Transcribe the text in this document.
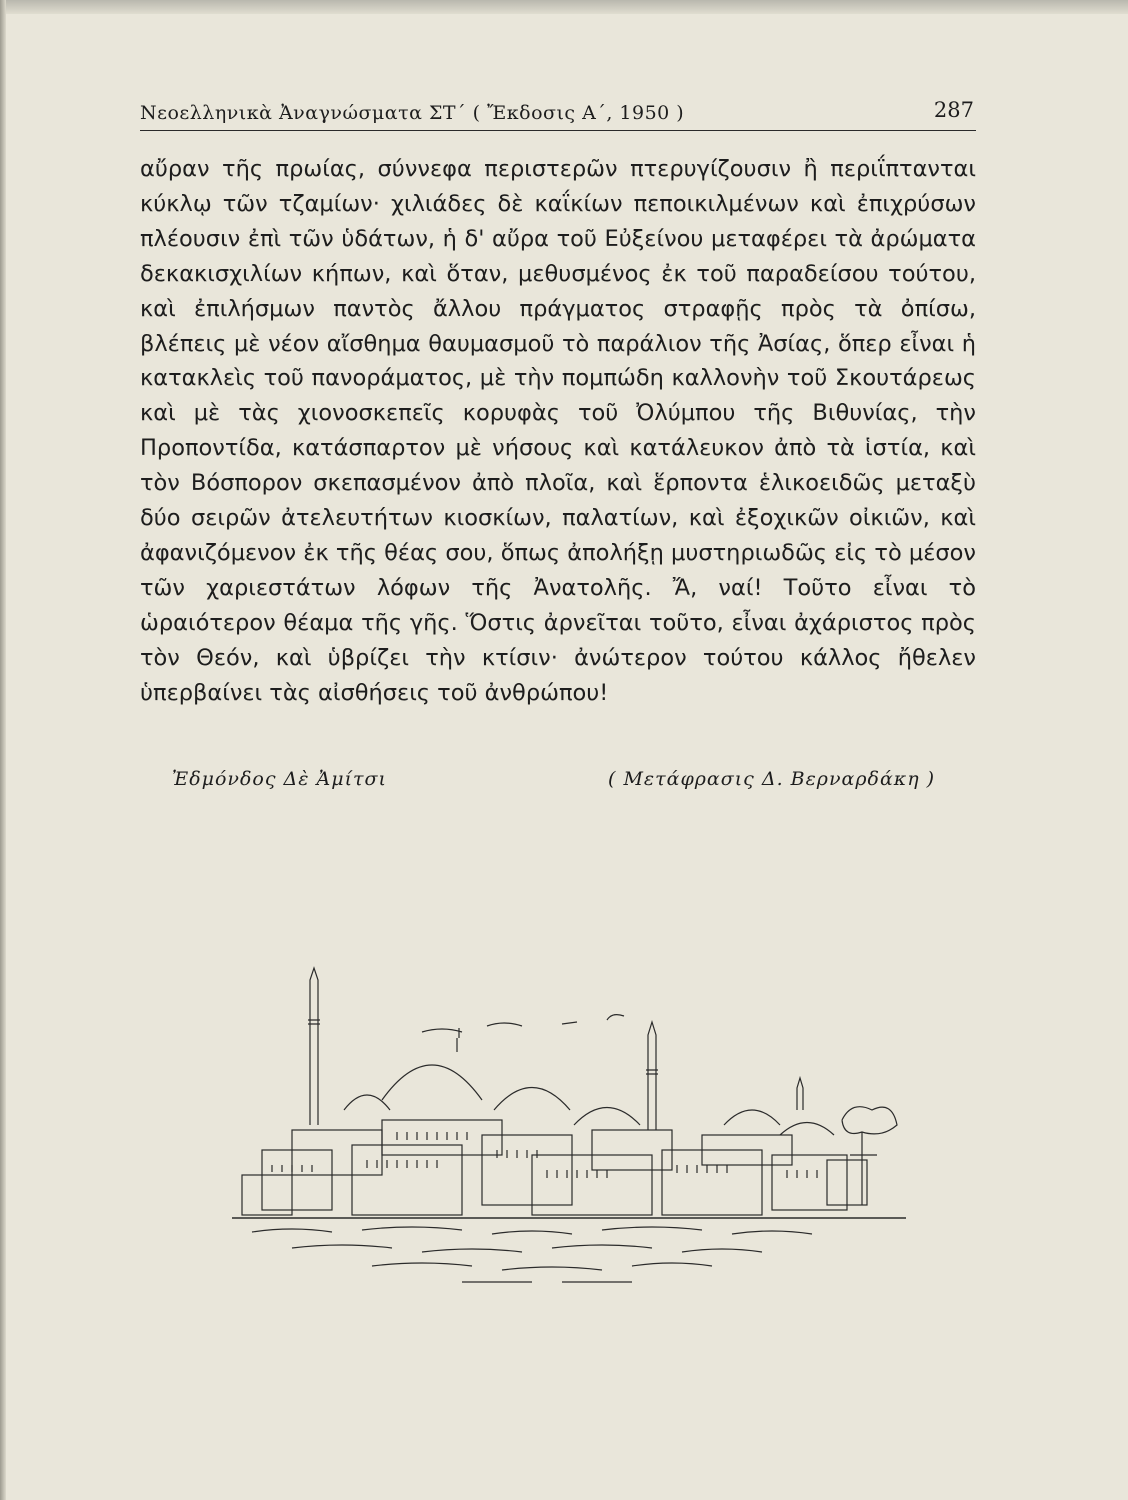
Νεοελληνικὰ Ἀναγνώσματα ΣΤ΄ ( Ἔκδοσις Α΄, 1950 )	287

αὔραν τῆς πρωίας, σύννεφα περιστερῶν πτερυγίζουσιν ἢ περιΐπτανται κύκλῳ τῶν τζαμίων· χιλιάδες δὲ καΐκίων πεποικιλμένων καὶ ἐπιχρύσων πλέουσιν ἐπὶ τῶν ὑδάτων, ἡ δ' αὔρα τοῦ Εὐξείνου μεταφέρει τὰ ἀρώματα δεκακισχιλίων κήπων, καὶ ὅταν, μεθυσμένος ἐκ τοῦ παραδείσου τούτου, καὶ ἐπιλήσμων παντὸς ἄλλου πράγματος στραφῇς πρὸς τὰ ὀπίσω, βλέπεις μὲ νέον αἴσθημα θαυμασμοῦ τὸ παράλιον τῆς Ἀσίας, ὅπερ εἶναι ἡ κατακλεὶς τοῦ πανοράματος, μὲ τὴν πομπώδη καλλονὴν τοῦ Σκουτάρεως καὶ μὲ τὰς χιονοσκεπεῖς κορυφὰς τοῦ Ὀλύμπου τῆς Βιθυνίας, τὴν Προποντίδα, κατάσπαρτον μὲ νήσους καὶ κατάλευκον ἀπὸ τὰ ἱστία, καὶ τὸν Βόσπορον σκεπασμένον ἀπὸ πλοῖα, καὶ ἕρποντα ἑλικοειδῶς μεταξὺ δύο σειρῶν ἀτελευτήτων κιοσκίων, παλατίων, καὶ ἐξοχικῶν οἰκιῶν, καὶ ἀφανιζόμενον ἐκ τῆς θέας σου, ὅπως ἀπολήξῃ μυστηριωδῶς εἰς τὸ μέσον τῶν χαριεστάτων λόφων τῆς Ἀνατολῆς. Ἄ, ναί! Τοῦτο εἶναι τὸ ὡραιότερον θέαμα τῆς γῆς. Ὅστις ἀρνεῖται τοῦτο, εἶναι ἀχάριστος πρὸς τὸν Θεόν, καὶ ὑβρίζει τὴν κτίσιν· ἀνώτερον τούτου κάλλος ἤθελεν ὑπερβαίνει τὰς αἰσθήσεις τοῦ ἀνθρώπου!

Ἐδμόνδος Δὲ Ἀμίτσι	( Μετάφρασις Δ. Βερναρδάκη )
